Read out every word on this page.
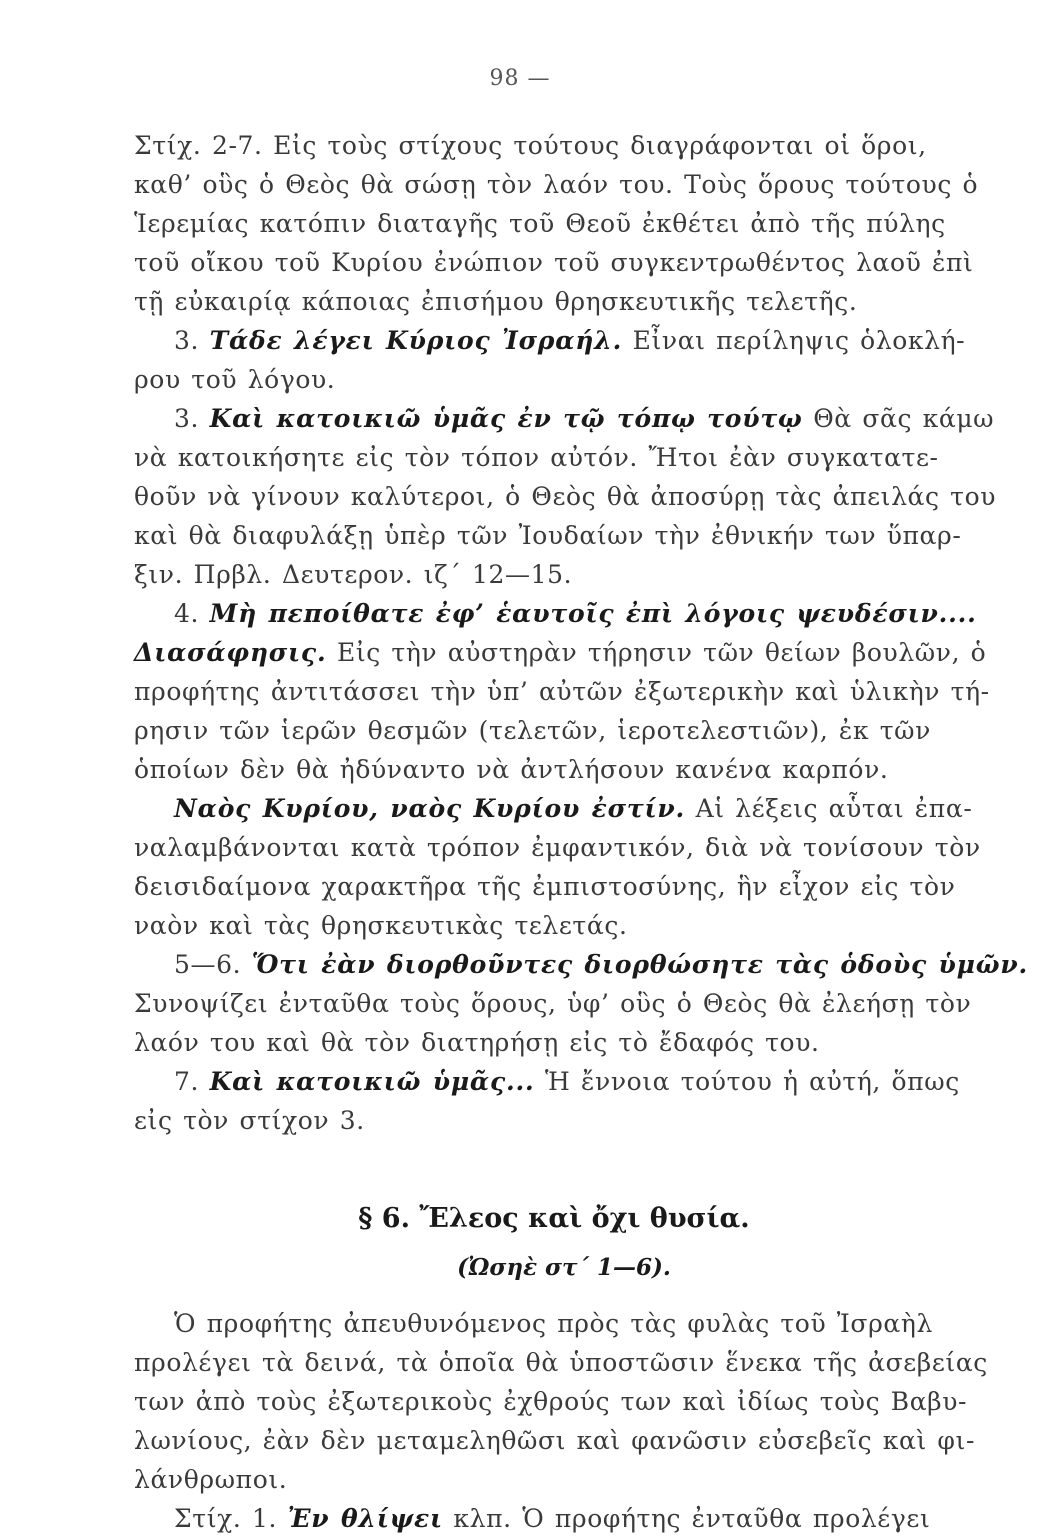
98 —
Στίχ. 2-7. Εἰς τοὺς στίχους τούτους διαγράφονται οἱ ὅροι,
καθ’ οὓς ὁ Θεὸς θὰ σώσῃ τὸν λαόν του. Τοὺς ὅρους τούτους ὁ
Ἱερεμίας κατόπιν διαταγῆς τοῦ Θεοῦ ἐκθέτει ἀπὸ τῆς πύλης
τοῦ οἴκου τοῦ Κυρίου ἐνώπιον τοῦ συγκεντρωθέντος λαοῦ ἐπὶ
τῇ εὐκαιρίᾳ κάποιας ἐπισήμου θρησκευτικῆς τελετῆς.
3. Τάδε λέγει Κύριος Ἰσραήλ. Εἶναι περίληψις ὁλοκλή-
ρου τοῦ λόγου.
3. Καὶ κατοικιῶ ὑμᾶς ἐν τῷ τόπῳ τούτῳ Θὰ σᾶς κάμω
νὰ κατοικήσητε εἰς τὸν τόπον αὐτόν. Ἤτοι ἐὰν συγκατατε-
θοῦν νὰ γίνουν καλύτεροι, ὁ Θεὸς θὰ ἀποσύρῃ τὰς ἀπειλάς του
καὶ θὰ διαφυλάξῃ ὑπὲρ τῶν Ἰουδαίων τὴν ἐθνικήν των ὕπαρ-
ξιν. Πρβλ. Δευτερον. ιζ´ 12—15.
4. Μὴ πεποίθατε ἐφ’ ἑαυτοῖς ἐπὶ λόγοις ψευδέσιν....
Διασάφησις. Εἰς τὴν αὐστηρὰν τήρησιν τῶν θείων βουλῶν, ὁ
προφήτης ἀντιτάσσει τὴν ὑπ’ αὐτῶν ἐξωτερικὴν καὶ ὑλικὴν τή-
ρησιν τῶν ἱερῶν θεσμῶν (τελετῶν, ἱεροτελεστιῶν), ἐκ τῶν
ὁποίων δὲν θὰ ἠδύναντο νὰ ἀντλήσουν κανένα καρπόν.
Ναὸς Κυρίου, ναὸς Κυρίου ἐστίν. Αἱ λέξεις αὗται ἐπα-
ναλαμβάνονται κατὰ τρόπον ἐμφαντικόν, διὰ νὰ τονίσουν τὸν
δεισιδαίμονα χαρακτῆρα τῆς ἐμπιστοσύνης, ἣν εἶχον εἰς τὸν
ναὸν καὶ τὰς θρησκευτικὰς τελετάς.
5—6. Ὅτι ἐὰν διορθοῦντες διορθώσητε τὰς ὁδοὺς ὑμῶν.
Συνοψίζει ἐνταῦθα τοὺς ὅρους, ὑφ’ οὓς ὁ Θεὸς θὰ ἐλεήσῃ τὸν
λαόν του καὶ θὰ τὸν διατηρήσῃ εἰς τὸ ἔδαφός του.
7. Καὶ κατοικιῶ ὑμᾶς... Ἡ ἔννοια τούτου ἡ αὐτή, ὅπως
εἰς τὸν στίχον 3.
§ 6. Ἔλεος καὶ ὄχι θυσία.
(Ὠσηὲ στ´ 1—6).
Ὁ προφήτης ἀπευθυνόμενος πρὸς τὰς φυλὰς τοῦ Ἰσραὴλ
προλέγει τὰ δεινά, τὰ ὁποῖα θὰ ὑποστῶσιν ἕνεκα τῆς ἀσεβείας
των ἀπὸ τοὺς ἐξωτερικοὺς ἐχθρούς των καὶ ἰδίως τοὺς Βαβυ-
λωνίους, ἐὰν δὲν μεταμεληθῶσι καὶ φανῶσιν εὐσεβεῖς καὶ φι-
λάνθρωποι.
Στίχ. 1. Ἐν θλίψει κλπ. Ὁ προφήτης ἐνταῦθα προλέγει
